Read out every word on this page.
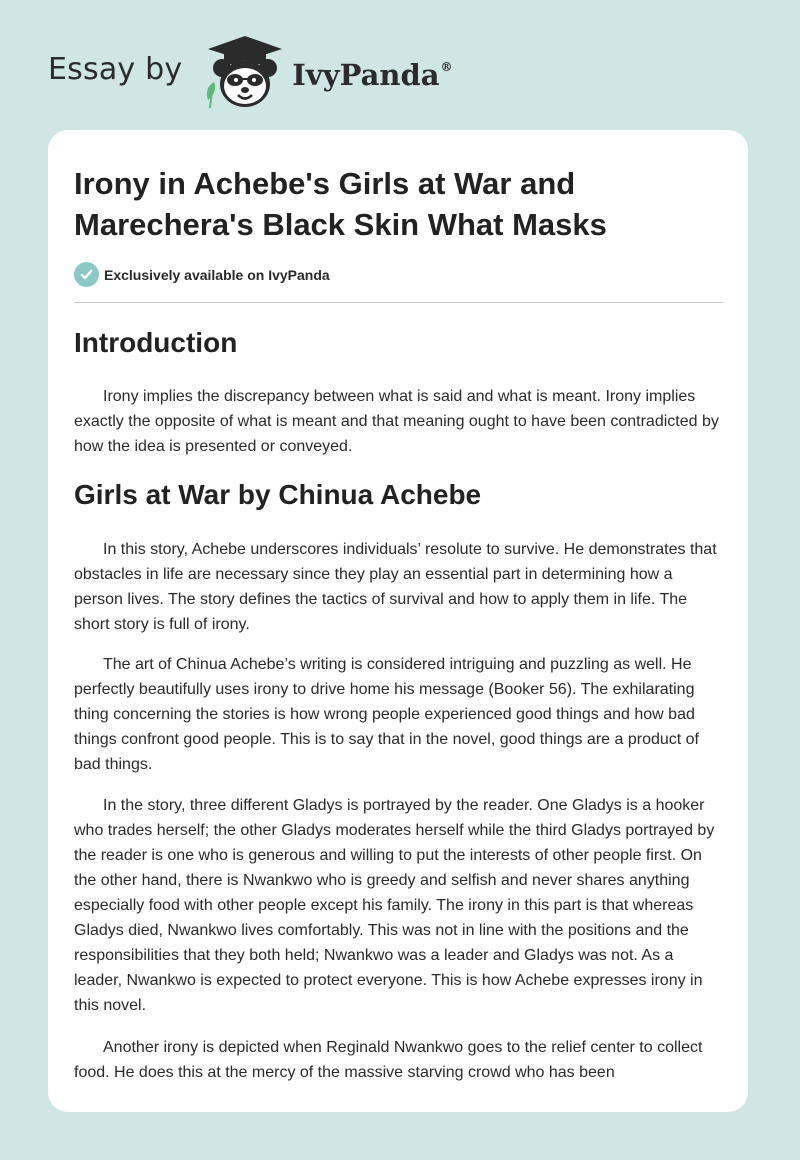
Essay by	IvyPanda®
Irony in Achebe's Girls at War and Marechera's Black Skin What Masks
Exclusively available on IvyPanda
Introduction

Irony implies the discrepancy between what is said and what is meant. Irony implies exactly the opposite of what is meant and that meaning ought to have been contradicted by how the idea is presented or conveyed.

Girls at War by Chinua Achebe

In this story, Achebe underscores individuals’ resolute to survive. He demonstrates that obstacles in life are necessary since they play an essential part in determining how a person lives. The story defines the tactics of survival and how to apply them in life. The short story is full of irony.

The art of Chinua Achebe’s writing is considered intriguing and puzzling as well. He perfectly beautifully uses irony to drive home his message (Booker 56). The exhilarating thing concerning the stories is how wrong people experienced good things and how bad things confront good people. This is to say that in the novel, good things are a product of bad things.

In the story, three different Gladys is portrayed by the reader. One Gladys is a hooker who trades herself; the other Gladys moderates herself while the third Gladys portrayed by the reader is one who is generous and willing to put the interests of other people first. On the other hand, there is Nwankwo who is greedy and selfish and never shares anything especially food with other people except his family. The irony in this part is that whereas Gladys died, Nwankwo lives comfortably. This was not in line with the positions and the responsibilities that they both held; Nwankwo was a leader and Gladys was not. As a leader, Nwankwo is expected to protect everyone. This is how Achebe expresses irony in this novel.

Another irony is depicted when Reginald Nwankwo goes to the relief center to collect food. He does this at the mercy of the massive starving crowd who has been
